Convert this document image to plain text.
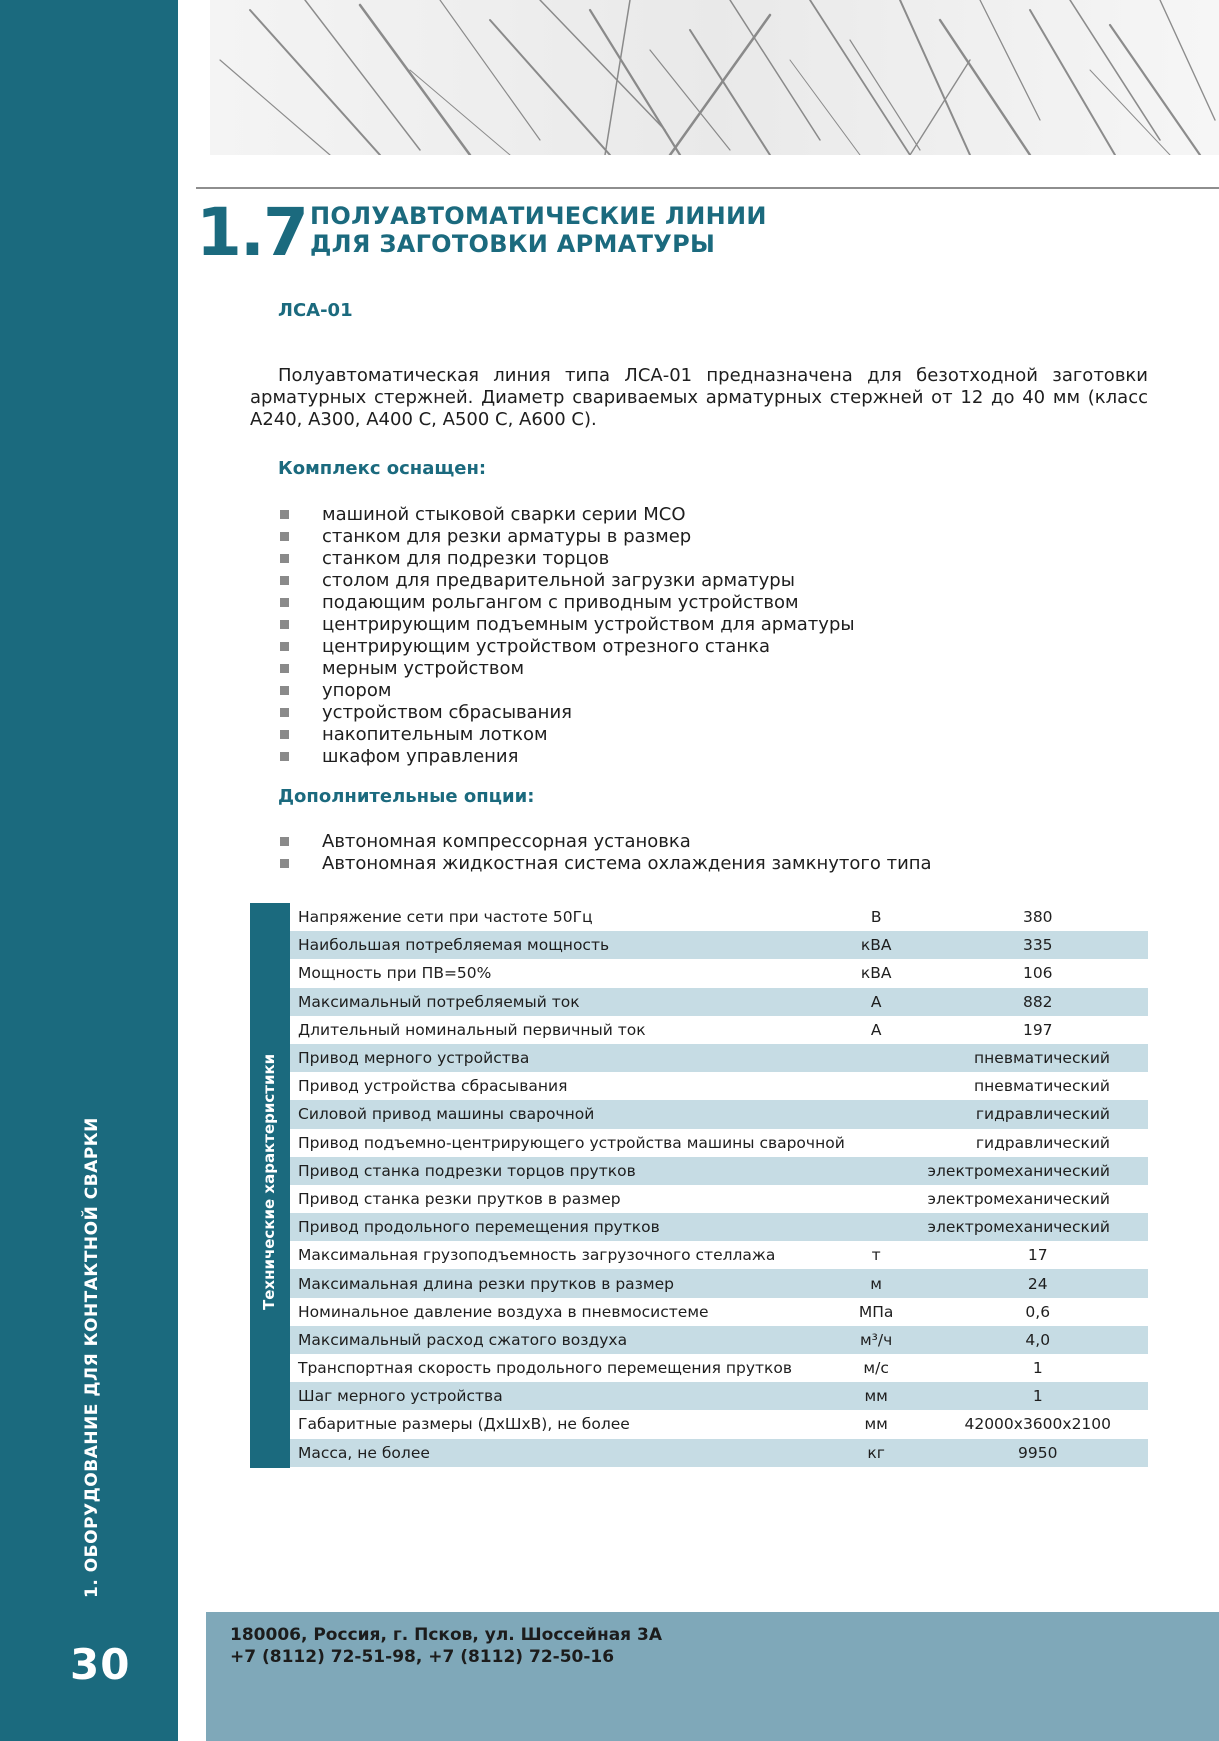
1. ОБОРУДОВАНИЕ ДЛЯ КОНТАКТНОЙ СВАРКИ
30
1.7 ПОЛУАВТОМАТИЧЕСКИЕ ЛИНИИ
ДЛЯ ЗАГОТОВКИ АРМАТУРЫ
ЛСА-01
Полуавтоматическая линия типа ЛСА-01 предназначена для безотходной заготовки арматурных стержней. Диаметр свариваемых арматурных стержней от 12 до 40 мм (класс А240, А300, А400 С, А500 С, А600 С).
Комплекс оснащен:
машиной стыковой сварки серии МСО
станком для резки арматуры в размер
станком для подрезки торцов
столом для предварительной загрузки арматуры
подающим рольгангом с приводным устройством
центрирующим подъемным устройством для арматуры
центрирующим устройством отрезного станка
мерным устройством
упором
устройством сбрасывания
накопительным лотком
шкафом управления
Дополнительные опции:
Автономная компрессорная установка
Автономная жидкостная система охлаждения замкнутого типа
Технические характеристики
Напряжение сети при частоте 50Гц	В	380
Наибольшая потребляемая мощность	кВА	335
Мощность при ПВ=50%	кВА	106
Максимальный потребляемый ток	А	882
Длительный номинальный первичный ток	А	197
Привод мерного устройства		пневматический
Привод устройства сбрасывания		пневматический
Силовой привод машины сварочной		гидравлический
Привод подъемно-центрирующего устройства машины сварочной		гидравлический
Привод станка подрезки торцов прутков		электромеханический
Привод станка резки прутков в размер		электромеханический
Привод продольного перемещения прутков		электромеханический
Максимальная грузоподъемность загрузочного стеллажа	т	17
Максимальная длина резки прутков в размер	м	24
Номинальное давление воздуха в пневмосистеме	МПа	0,6
Максимальный расход сжатого воздуха	м³/ч	4,0
Транспортная скорость продольного перемещения прутков	м/с	1
Шаг мерного устройства	мм	1
Габаритные размеры (ДхШхВ), не более	мм	42000х3600х2100
Масса, не более	кг	9950
180006, Россия, г. Псков, ул. Шоссейная 3А
+7 (8112) 72-51-98, +7 (8112) 72-50-16
